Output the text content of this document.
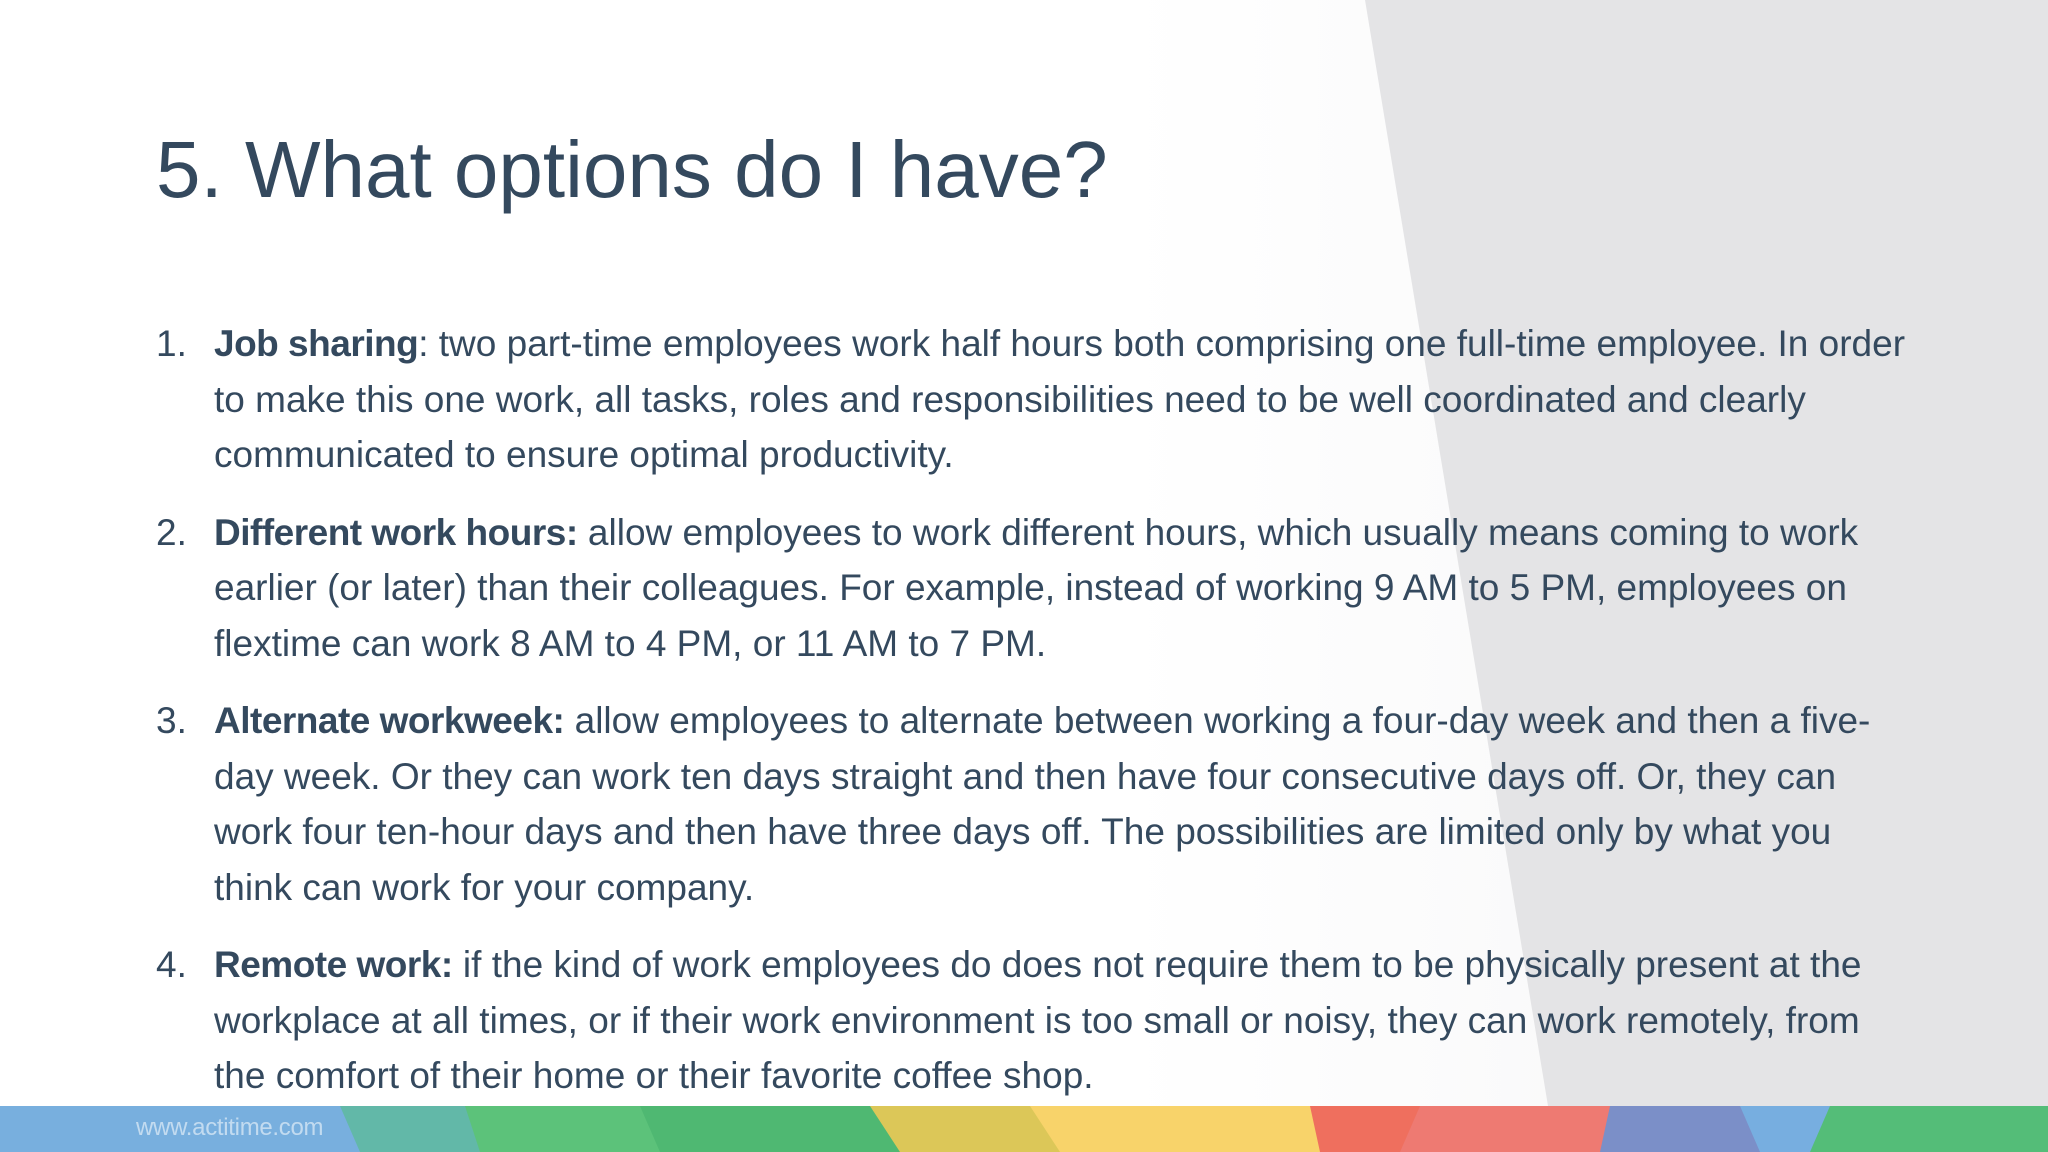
5. What options do I have?
1. Job sharing: two part-time employees work half hours both comprising one full-time employee. In order to make this one work, all tasks, roles and responsibilities need to be well coordinated and clearly communicated to ensure optimal productivity.
2. Different work hours: allow employees to work different hours, which usually means coming to work earlier (or later) than their colleagues. For example, instead of working 9 AM to 5 PM, employees on flextime can work 8 AM to 4 PM, or 11 AM to 7 PM.
3. Alternate workweek: allow employees to alternate between working a four-day week and then a five-day week. Or they can work ten days straight and then have four consecutive days off. Or, they can work four ten-hour days and then have three days off. The possibilities are limited only by what you think can work for your company.
4. Remote work: if the kind of work employees do does not require them to be physically present at the workplace at all times, or if their work environment is too small or noisy, they can work remotely, from the comfort of their home or their favorite coffee shop.
www.actitime.com
